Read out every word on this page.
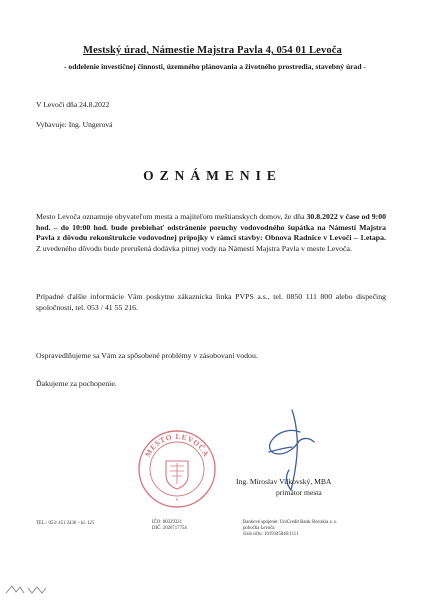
Mestský úrad, Námestie Majstra Pavla 4, 054 01 Levoča
- oddelenie investičnej činnosti, územného plánovania a životného prostredia, stavebný úrad -
V Levoči dňa 24.8.2022
Vybavuje: Ing. Ungerová
OZNÁMENIE
Mesto Levoča oznamuje obyvateľom mesta a majiteľom meštianskych domov, že dňa 30.8.2022 v čase od 9:00 hod. – do 10:00 hod. bude prebiehať odstránenie poruchy vodovodného šupátka na Námestí Majstra Pavla z dôvodu rekonštrukcie vodovodnej prípojky v rámci stavby: Obnova Radnice v Levoči – 1.etapa. Z uvedeného dôvodu bude prerušená dodávka pitnej vody na Námestí Majstra Pavla v meste Levoča.
Prípadné ďalšie informácie Vám poskytne zákaznícka linka PVPS a.s., tel. 0850 111 800 alebo dispečing spoločnosti, tel. 053 / 41 55 216.
Ospravedlňujeme sa Vám za spôsobené problémy v zásobovaní vodou.
Ďakujeme za pochopenie.
MESTO LEVOČA
6
Ing. Miroslav Vilkovský, MBA
primátor mesta
TEL.: 053/ 451 2436 – kl. 125	IČO: 00329321
DIČ: 2020717754
Bankové spojenie: UniCredit Bank Slovakia a. s.
pobočka Levoča
číslo účtu: 1019345846/1111
